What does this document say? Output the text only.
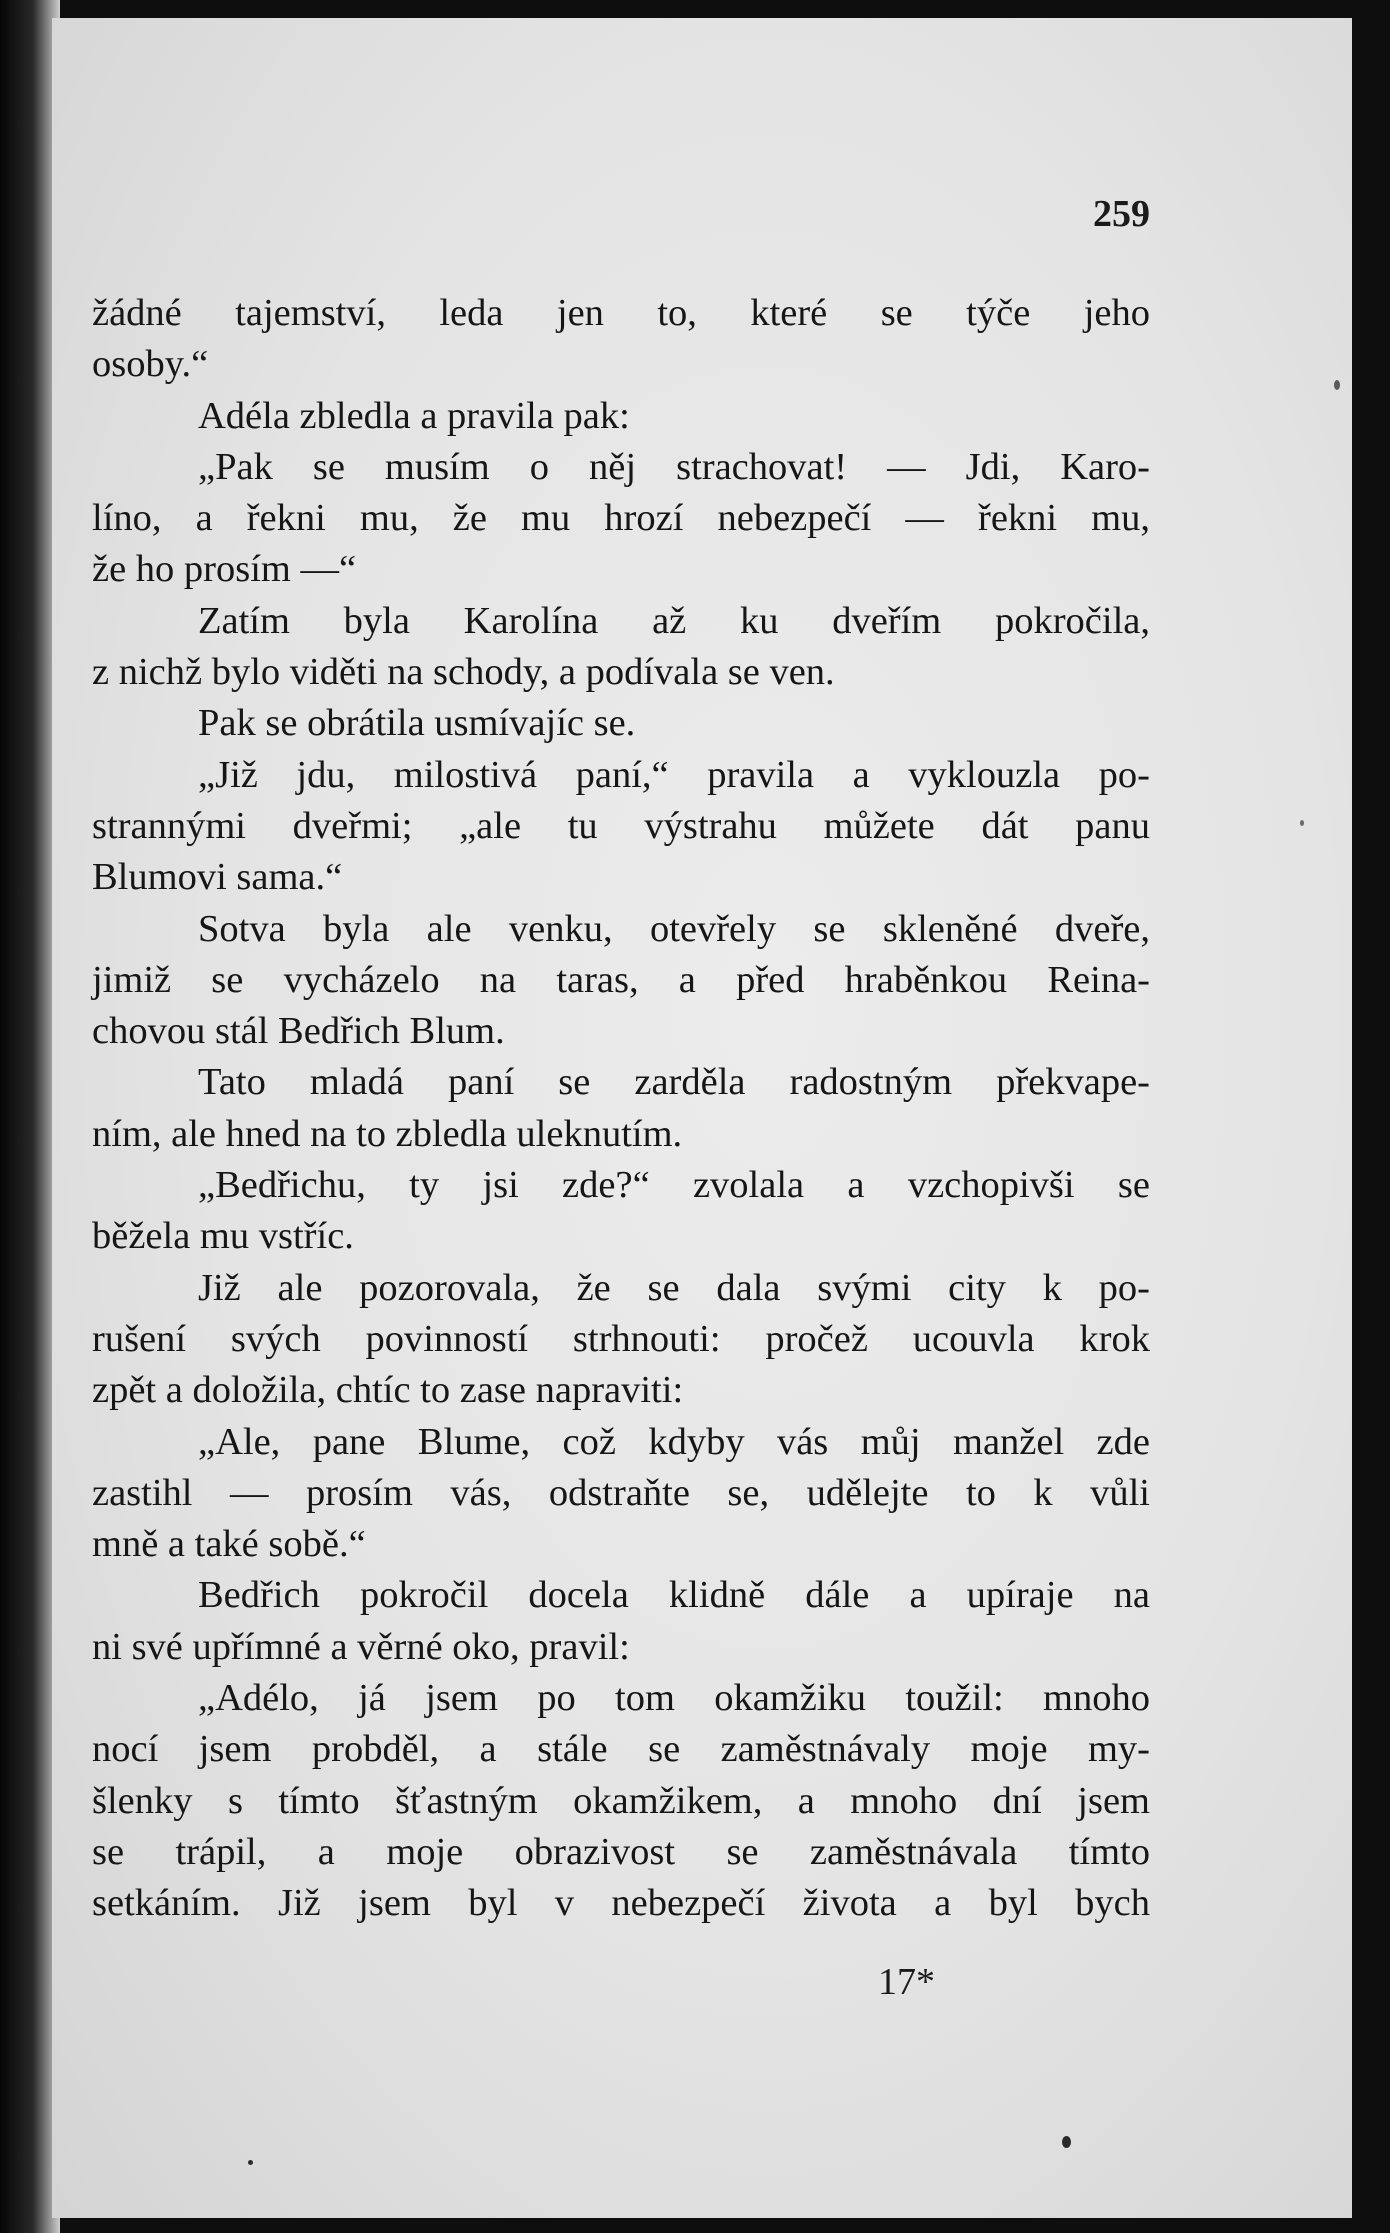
259
žádné tajemství, leda jen to, které se týče jeho
osoby.“
Adéla zbledla a pravila pak:
„Pak se musím o něj strachovat! — Jdi, Karo-
líno, a řekni mu, že mu hrozí nebezpečí — řekni mu,
že ho prosím —“
Zatím byla Karolína až ku dveřím pokročila,
z nichž bylo viděti na schody, a podívala se ven.
Pak se obrátila usmívajíc se.
„Již jdu, milostivá paní,“ pravila a vyklouzla po-
strannými dveřmi; „ale tu výstrahu můžete dát panu
Blumovi sama.“
Sotva byla ale venku, otevřely se skleněné dveře,
jimiž se vycházelo na taras, a před hraběnkou Reina-
chovou stál Bedřich Blum.
Tato mladá paní se zarděla radostným překvape-
ním, ale hned na to zbledla uleknutím.
„Bedřichu, ty jsi zde?“ zvolala a vzchopivši se
běžela mu vstříc.
Již ale pozorovala, že se dala svými city k po-
rušení svých povinností strhnouti: pročež ucouvla krok
zpět a doložila, chtíc to zase napraviti:
„Ale, pane Blume, což kdyby vás můj manžel zde
zastihl — prosím vás, odstraňte se, udělejte to k vůli
mně a také sobě.“
Bedřich pokročil docela klidně dále a upíraje na
ni své upřímné a věrné oko, pravil:
„Adélo, já jsem po tom okamžiku toužil: mnoho
nocí jsem probděl, a stále se zaměstnávaly moje my-
šlenky s tímto šťastným okamžikem, a mnoho dní jsem
se trápil, a moje obrazivost se zaměstnávala tímto
setkáním. Již jsem byl v nebezpečí života a byl bych
17*
